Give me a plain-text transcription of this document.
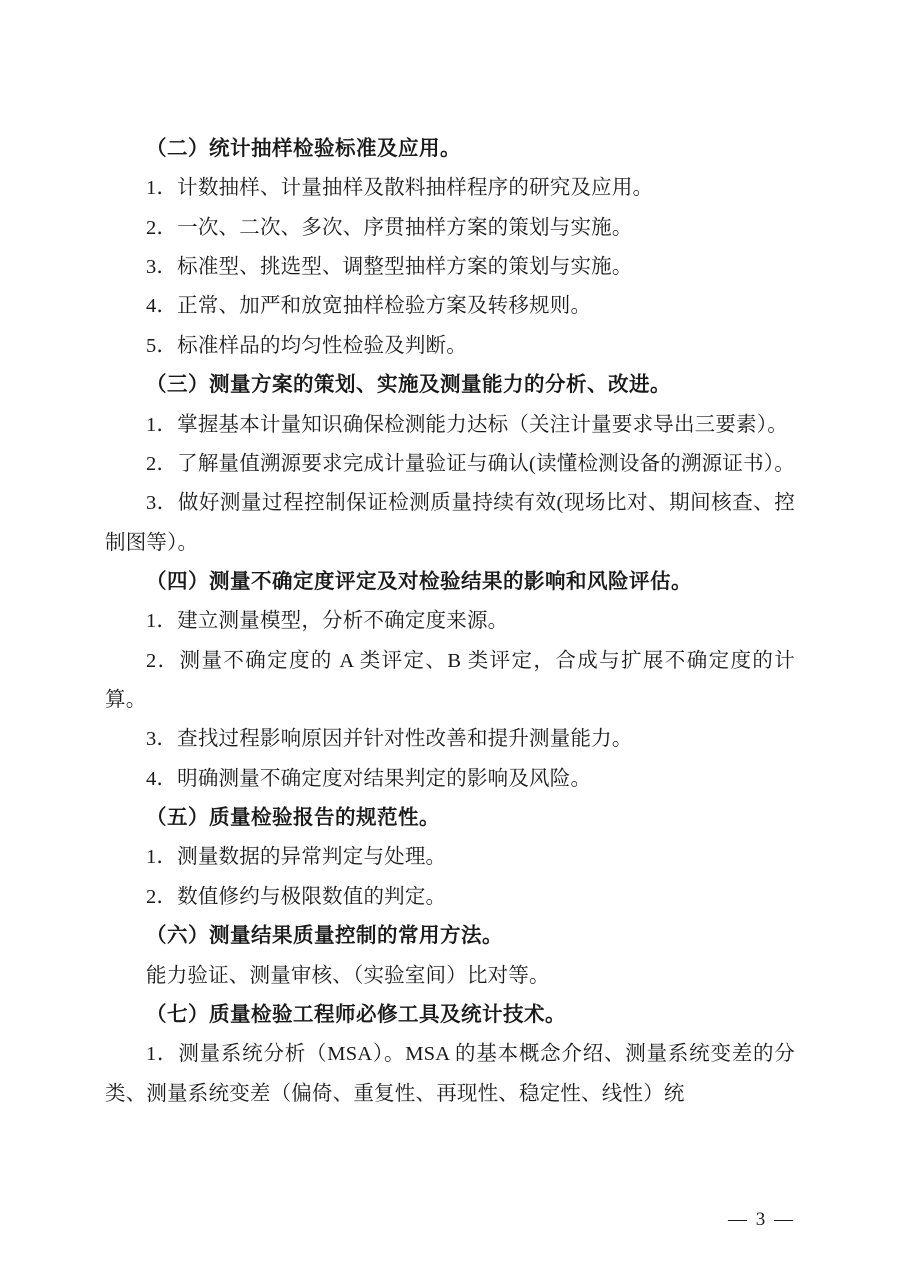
（二）统计抽样检验标准及应用。

1．计数抽样、计量抽样及散料抽样程序的研究及应用。

2．一次、二次、多次、序贯抽样方案的策划与实施。

3．标准型、挑选型、调整型抽样方案的策划与实施。

4．正常、加严和放宽抽样检验方案及转移规则。

5．标准样品的均匀性检验及判断。

（三）测量方案的策划、实施及测量能力的分析、改进。

1．掌握基本计量知识确保检测能力达标（关注计量要求导出三要素）。

2．了解量值溯源要求完成计量验证与确认(读懂检测设备的溯源证书）。

3．做好测量过程控制保证检测质量持续有效(现场比对、期间核查、控制图等）。

（四）测量不确定度评定及对检验结果的影响和风险评估。

1．建立测量模型，分析不确定度来源。

2．测量不确定度的 A 类评定、B 类评定，合成与扩展不确定度的计算。

3．查找过程影响原因并针对性改善和提升测量能力。

4．明确测量不确定度对结果判定的影响及风险。

（五）质量检验报告的规范性。

1．测量数据的异常判定与处理。

2．数值修约与极限数值的判定。

（六）测量结果质量控制的常用方法。

能力验证、测量审核、（实验室间）比对等。

（七）质量检验工程师必修工具及统计技术。

1．测量系统分析（MSA）。MSA 的基本概念介绍、测量系统变差的分类、测量系统变差（偏倚、重复性、再现性、稳定性、线性）统

— 3 —
